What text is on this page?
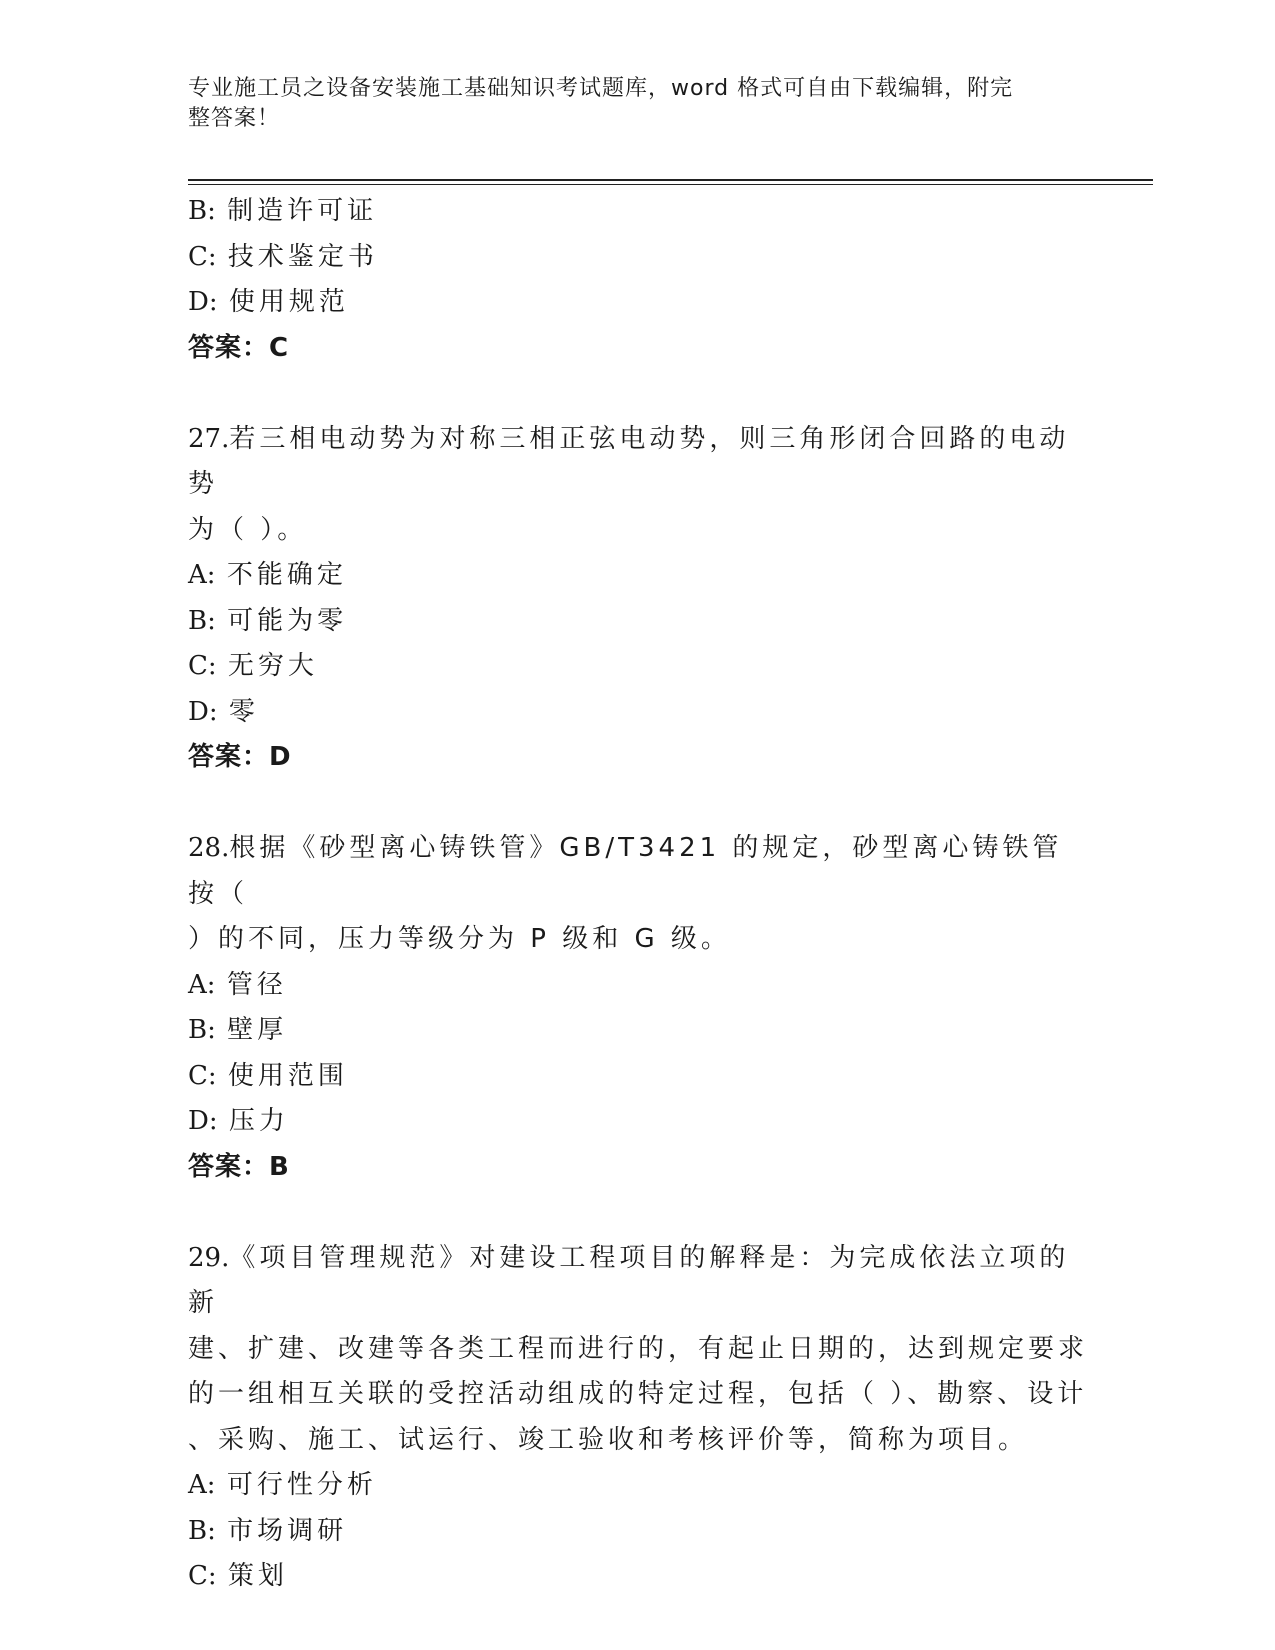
专业施工员之设备安装施工基础知识考试题库，word 格式可自由下载编辑，附完
整答案！
B: 制造许可证
C: 技术鉴定书
D: 使用规范
答案：C
27.若三相电动势为对称三相正弦电动势，则三角形闭合回路的电动势
为（ ）。
A: 不能确定
B: 可能为零
C: 无穷大
D: 零
答案：D
28.根据《砂型离心铸铁管》GB/T3421 的规定，砂型离心铸铁管按（
）的不同，压力等级分为 P 级和 G 级。
A: 管径
B: 壁厚
C: 使用范围
D: 压力
答案：B
29.《项目管理规范》对建设工程项目的解释是：为完成依法立项的新
建、扩建、改建等各类工程而进行的，有起止日期的，达到规定要求
的一组相互关联的受控活动组成的特定过程，包括（ ）、勘察、设计
、采购、施工、试运行、竣工验收和考核评价等，简称为项目。
A: 可行性分析
B: 市场调研
C: 策划
